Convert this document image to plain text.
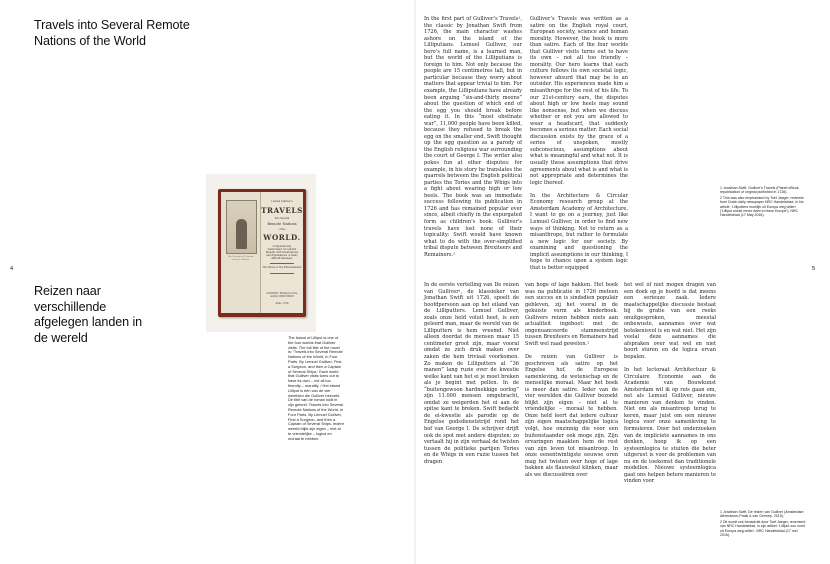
Travels into Several Remote Nations of the World
Reizen naar verschillende afgelegen landen in de wereld
4	5

In the first part of Gulliver’s Travels¹, the classic by Jonathan Swift from 1726, the main character washes ashore on the island of the Lilliputians. Lemuel Gulliver, our hero’s full name, is a learned man, but the world of the Lilliputians is foreign to him. Not only because the people are 15 centimetres tall, but in particular because they worry about matters that appear trivial to him. For example, the Lilliputians have already been arguing “six-and-thirty moons” about the question of which end of the egg you should break before eating it. In this “most obstinate war”, 11,000 people have been killed, because they refused to break the egg on the smaller end. Swift thought up the egg question as a parody of the English religious war surrounding the court of George I. The writer also pokes fun at other disputes: for example, in his story he translates the quarrels between the English political parties the Tories and the Whigs into a fight about wearing high or low heels. The book was an immediate success following its publication in 1726 and has remained popular ever since, albeit chiefly in the expurgated form as children’s book. Gulliver’s travels have lost none of their topicality: Swift would have known what to do with the over-simplified tribal dispute between Brexiteers and Remainers.²

Gulliver’s Travels was written as a satire on the English royal court, European society, science and human morality. However, the book is more than satire. Each of the four worlds that Gulliver visits turns out to have its own – not all too friendly – morality. Our hero learns that each culture follows its own societal logic, however absurd that may be to an outsider. His experiences made him a misanthrope for the rest of his life. To our 21st-century ears, the disputes about high or low heels may sound like nonsense, but when we discuss whether or not you are allowed to wear a headscarf, that suddenly becomes a serious matter. Each social discussion exists by the grace of a series of unspoken, mostly subconscious, assumptions about what is meaningful and what not. It is usually these assumptions that drive agreements about what is and what is not appropriate and determines the logic thereof.

In the Architecture & Circular Economy research group at the Amsterdam Academy of Architecture, I want to go on a journey, just like Lemuel Gulliver, in order to find new ways of thinking. Not to return as a misanthrope, but rather to formulate a new logic for our society. By examining and questioning the implicit assumptions in our thinking, I hope to chance upon a system logic that is better equipped

1 Jonathan Swift, Gulliver’s Travels (Planet eBook, republication of original published in 1726).

2 This was also emphasised by Toef Jaeger, reviewer from Dutch daily newspaper NRC Handelsblad, in his article: ‘Lilliputters moeilijk uit Europa weg willen’ (‘Lilliput would never want to leave Europe’), NRC Handelsblad (17 May 2016).

The Portrait of Captain Lemuel Gulliver
Lemuel Gulliver’s
TRAVELS
into Several
Remote Nations
of the
WORLD.
Compendiously methodized, for publick Benefit; with Observations and Explanations of many difficult Passages.
The Whole of the Entertainment
LONDON: Printed for the Author MDCCXXVI
Anno 1726
The island of Lilliput is one of the four worlds that Gulliver visits. The full title of the novel is: ‘Travels into Several Remote Nations of the World, in Four Parts. By Lemuel Gulliver, First a Surgeon, and then a Captain of Several Ships.’ Each world that Gulliver visits turns out to have its own – not all too friendly – morality. / Het eiland Lilliput is één van de vier werelden die Gulliver bezoekt. De titel van de roman luidt in zijn geheel: Travels into Several Remote Nations of the World, in Four Parts. By Lemuel Gulliver, First a Surgeon, and then a Captain of Several Ships. Iedere wereld blijkt zijn eigen – niet al te vriendelijke – logica en moraal te hebben.

In de eerste vertelling van De reizen van Gulliver¹, de klassieker van Jonathan Swift uit 1726, spoelt de hoofdpersoon aan op het eiland van de Lilliputters. Lemuel Gulliver, zoals onze held voluit heet, is een geleerd man, maar de wereld van de Lilliputters is hem vreemd. Niet alleen doordat de mensen maar 15 centimeter groot zijn, maar vooral omdat ze zich druk maken over zaken die hem triviaal voorkomen. Zo maken de Lilliputters al “36 manen” lang ruzie over de kwestie welke kant van het ei je moet breken als je begint met pellen. In de “buitengewoon hardnekkige oorlog” zijn 11.000 mensen omgebracht, omdat ze weigerden het ei aan de spitse kant te breken. Swift bedacht de ei-kwestie als parodie op de Engelse godsdienststrijd rond het hof van George I. De schrijver drijft ook de spot met andere disputen: zo vertaalt hij in zijn verhaal de twisten tussen de politieke partijen Tories en de Whigs in een ruzie tussen het dragen

van hoge of lage hakken. Het boek was na publicatie in 1726 meteen een succes en is sindsdien populair gebleven, zij het vooral in de gekuiste vorm als kinderboek. Gullivers reizen hebben niets aan actualiteit ingeboet: met de ongenuanceerde stammenstrijd tussen Brexiteers en Remainers had Swift wel raad geweten.²

De reizen van Gulliver is geschreven als satire op het Engelse hof, de Europese samenleving, de wetenschap en de menselijke moraal. Maar het boek is meer dan satire. Ieder van de vier werelden die Gulliver bezoekt blijkt zijn eigen – niet al te vriendelijke – moraal te hebben. Onze held leert dat iedere cultuur zijn eigen maatschappelijke logica volgt, hoe onzinnig die voor een buitenstaander ook moge zijn. Zijn ervaringen maakten hem de rest van zijn leven tot misantroop. In onze eenentwintigste eeuwse oren mag het twisten over hoge of lage hakken als flauwekul klinken, maar als we discussiëren over

het wel of niet mogen dragen van een doek op je hoofd is dat ineens een serieuze zaak. Iedere maatschappelijke discussie bestaat bij de gratie van een reeks onuitgesproken, meestal onbewuste, aannames over wat betekenisvol is en wat niet. Het zijn veelal deze aannames die afspraken over wat wel en niet hoort sturen en de logica ervan bepalen.

In het lectoraat Architectuur & Circulaire Economie aan de Academie van Bouwkunst Amsterdam wil ik op reis gaan om, net als Lemuel Gulliver, nieuwe manieren van denken te vinden. Niet om als misantroop terug te keren, maar juist om een nieuwe logica voor onze samenleving te formuleren. Door het onderzoeken van de impliciete aannames in ons denken, hoop ik op een systeemlogica te stuiten die beter uitgerust is voor de problemen van nu en de toekomst dan traditionele modellen. Nieuwe systeemlogica gaat ons helpen betere manieren te vinden voor

1 Jonathan Swift, De reizen van Gulliver (Amsterdam: Athenaeum-Polak & van Gennep, 2015).

2 Dit wordt ook benadrukt door Toef Jaeger, recensent van NRC Handelsblad, in zijn artikel: ‘Lilliput zou nooit uit Europa weg willen’, NRC Handelsblad (17 mei 2016).
